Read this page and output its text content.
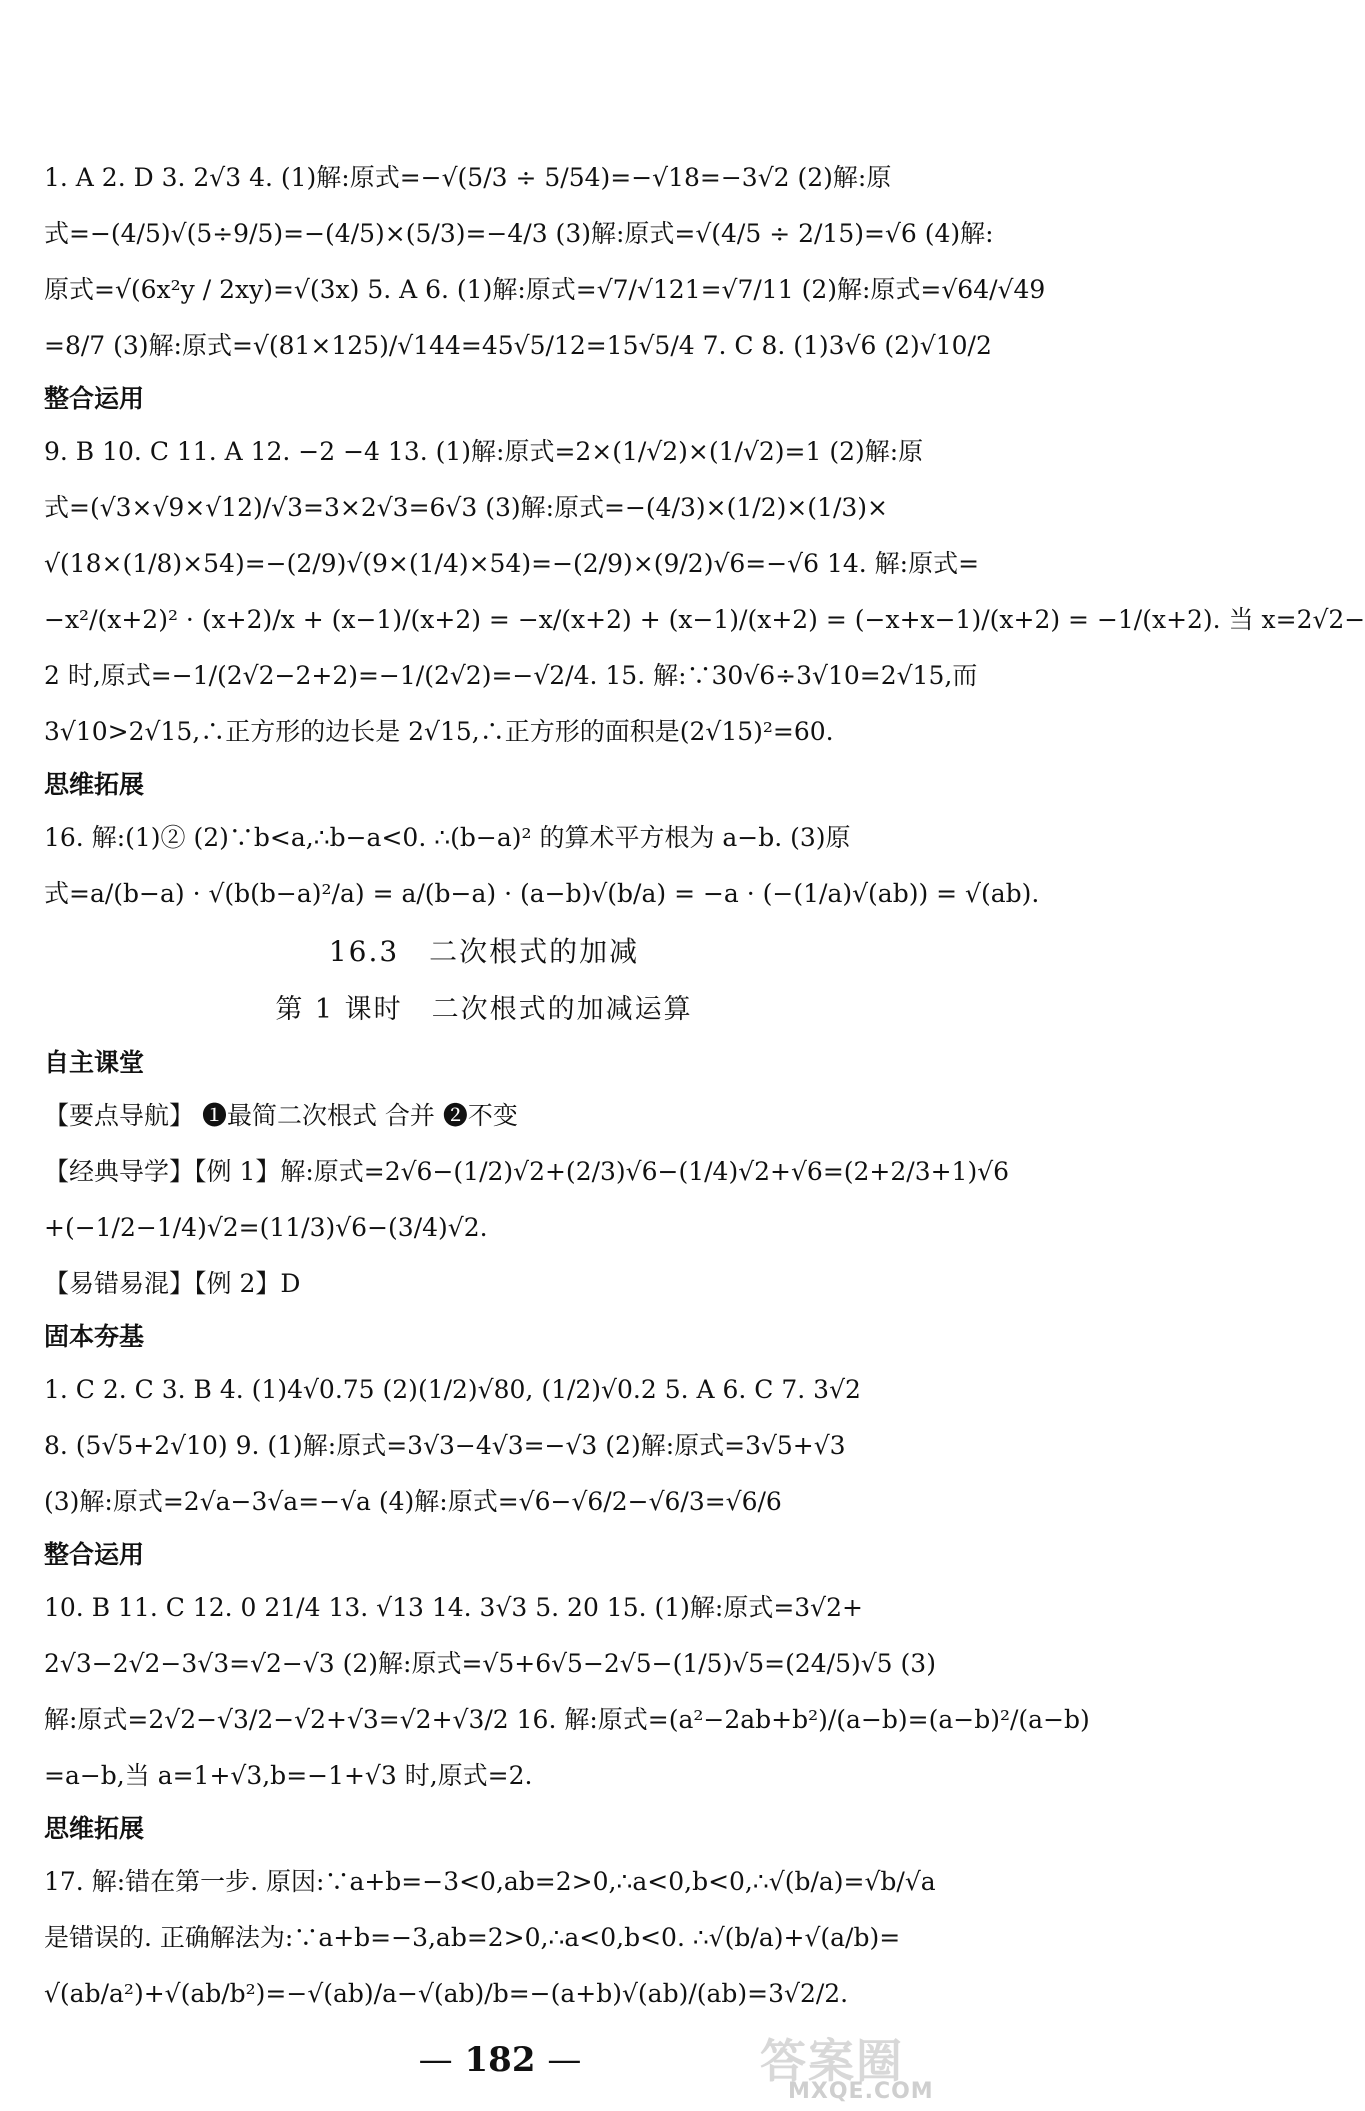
1. A 2. D 3. 2√3 4. (1)解:原式=−√(5/3 ÷ 5/54)=−√18=−3√2 (2)解:原
式=−(4/5)√(5÷9/5)=−(4/5)×(5/3)=−4/3 (3)解:原式=√(4/5 ÷ 2/15)=√6 (4)解:
原式=√(6x²y / 2xy)=√(3x) 5. A 6. (1)解:原式=√7/√121=√7/11 (2)解:原式=√64/√49
=8/7 (3)解:原式=√(81×125)/√144=45√5/12=15√5/4 7. C 8. (1)3√6 (2)√10/2
整合运用
9. B 10. C 11. A 12. −2 −4 13. (1)解:原式=2×(1/√2)×(1/√2)=1 (2)解:原
式=(√3×√9×√12)/√3=3×2√3=6√3 (3)解:原式=−(4/3)×(1/2)×(1/3)×
√(18×(1/8)×54)=−(2/9)√(9×(1/4)×54)=−(2/9)×(9/2)√6=−√6 14. 解:原式=
−x²/(x+2)² · (x+2)/x + (x−1)/(x+2) = −x/(x+2) + (x−1)/(x+2) = (−x+x−1)/(x+2) = −1/(x+2). 当 x=2√2−
2 时,原式=−1/(2√2−2+2)=−1/(2√2)=−√2/4. 15. 解:∵30√6÷3√10=2√15,而
3√10>2√15,∴正方形的边长是 2√15,∴正方形的面积是(2√15)²=60.
思维拓展
16. 解:(1)② (2)∵b<a,∴b−a<0. ∴(b−a)² 的算术平方根为 a−b. (3)原
式=a/(b−a) · √(b(b−a)²/a) = a/(b−a) · (a−b)√(b/a) = −a · (−(1/a)√(ab)) = √(ab).
16.3　二次根式的加减
第 1 课时　二次根式的加减运算
自主课堂
【要点导航】 ❶最简二次根式 合并 ❷不变
【经典导学】【例 1】解:原式=2√6−(1/2)√2+(2/3)√6−(1/4)√2+√6=(2+2/3+1)√6
+(−1/2−1/4)√2=(11/3)√6−(3/4)√2.
【易错易混】【例 2】D
固本夯基
1. C 2. C 3. B 4. (1)4√0.75 (2)(1/2)√80, (1/2)√0.2 5. A 6. C 7. 3√2
8. (5√5+2√10) 9. (1)解:原式=3√3−4√3=−√3 (2)解:原式=3√5+√3
(3)解:原式=2√a−3√a=−√a (4)解:原式=√6−√6/2−√6/3=√6/6
整合运用
10. B 11. C 12. 0 21/4 13. √13 14. 3√3 5. 20 15. (1)解:原式=3√2+
2√3−2√2−3√3=√2−√3 (2)解:原式=√5+6√5−2√5−(1/5)√5=(24/5)√5 (3)
解:原式=2√2−√3/2−√2+√3=√2+√3/2 16. 解:原式=(a²−2ab+b²)/(a−b)=(a−b)²/(a−b)
=a−b,当 a=1+√3,b=−1+√3 时,原式=2.
思维拓展
17. 解:错在第一步. 原因:∵a+b=−3<0,ab=2>0,∴a<0,b<0,∴√(b/a)=√b/√a
是错误的. 正确解法为:∵a+b=−3,ab=2>0,∴a<0,b<0. ∴√(b/a)+√(a/b)=
√(ab/a²)+√(ab/b²)=−√(ab)/a−√(ab)/b=−(a+b)√(ab)/(ab)=3√2/2.
— 182 —	答案圈
MXQE.COM
